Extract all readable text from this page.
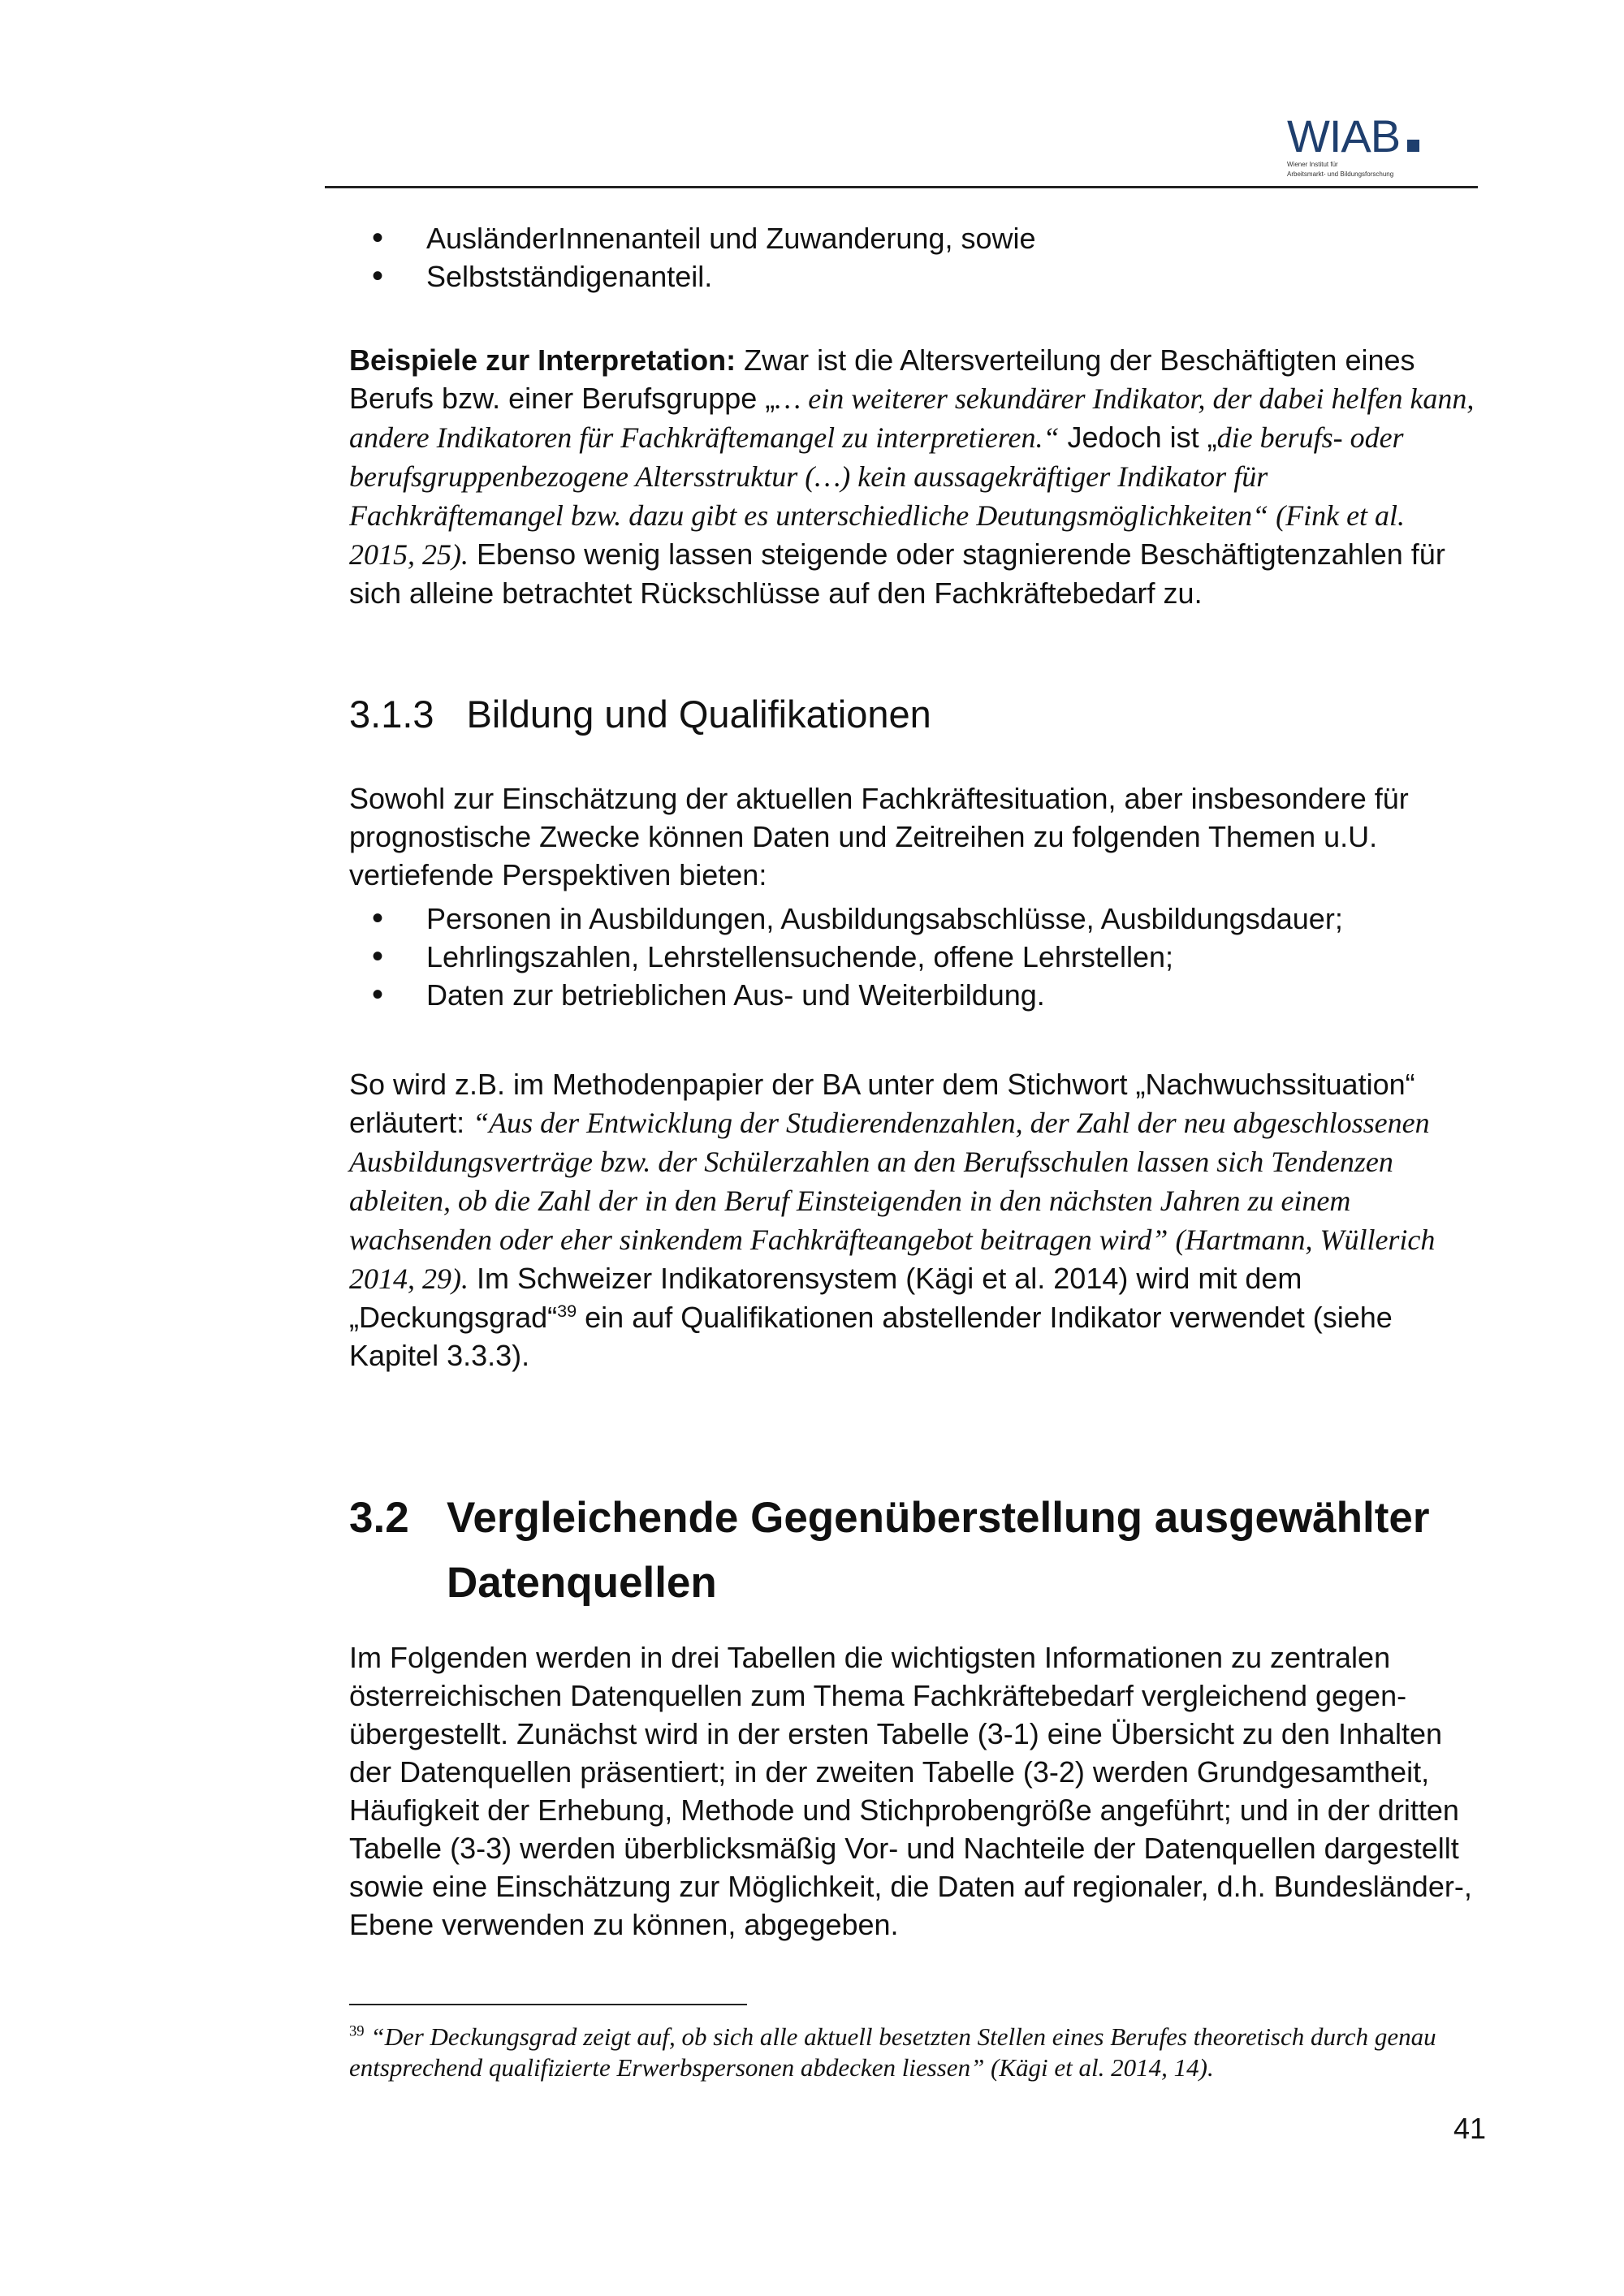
WIAB
Wiener Institut für
Arbeitsmarkt- und Bildungsforschung
• AusländerInnenanteil und Zuwanderung, sowie
• Selbstständigenanteil.

Beispiele zur Interpretation: Zwar ist die Altersverteilung der Beschäftigten eines Berufs bzw. einer Berufsgruppe „… ein weiterer sekundärer Indikator, der dabei helfen kann, andere Indikatoren für Fachkräftemangel zu interpretieren.“ Jedoch ist „die berufs- oder berufsgruppenbezogene Altersstruktur (…) kein aussagekräftiger Indikator für Fachkräftemangel bzw. dazu gibt es unterschiedliche Deutungsmöglichkeiten“ (Fink et al. 2015, 25). Ebenso wenig lassen steigende oder stagnierende Beschäftigtenzahlen für sich alleine betrachtet Rückschlüsse auf den Fachkräftebedarf zu.

3.1.3 Bildung und Qualifikationen

Sowohl zur Einschätzung der aktuellen Fachkräftesituation, aber insbesondere für prognostische Zwecke können Daten und Zeitreihen zu folgenden Themen u.U. vertiefende Perspektiven bieten:

• Personen in Ausbildungen, Ausbildungsabschlüsse, Ausbildungsdauer;
• Lehrlingszahlen, Lehrstellensuchende, offene Lehrstellen;
• Daten zur betrieblichen Aus- und Weiterbildung.

So wird z.B. im Methodenpapier der BA unter dem Stichwort „Nachwuchssituation“ erläutert: “Aus der Entwicklung der Studierendenzahlen, der Zahl der neu abgeschlossenen Ausbildungsverträge bzw. der Schülerzahlen an den Berufsschulen lassen sich Tendenzen ableiten, ob die Zahl der in den Beruf Einsteigenden in den nächsten Jahren zu einem wachsenden oder eher sinkendem Fachkräfteangebot beitragen wird” (Hartmann, Wüllerich 2014, 29). Im Schweizer Indikatorensystem (Kägi et al. 2014) wird mit dem „Deckungsgrad“$^{39}$ ein auf Qualifikationen abstellender Indikator verwendet (siehe Kapitel 3.3.3).

3.2 Vergleichende Gegenüberstellung ausgewählter Datenquellen

Im Folgenden werden in drei Tabellen die wichtigsten Informationen zu zentralen österreichischen Datenquellen zum Thema Fachkräftebedarf vergleichend gegenübergestellt. Zunächst wird in der ersten Tabelle (3-1) eine Übersicht zu den Inhalten der Datenquellen präsentiert; in der zweiten Tabelle (3-2) werden Grundgesamtheit, Häufigkeit der Erhebung, Methode und Stichprobengröße angeführt; und in der dritten Tabelle (3-3) werden überblicksmäßig Vor- und Nachteile der Datenquellen dargestellt sowie eine Einschätzung zur Möglichkeit, die Daten auf regionaler, d.h. Bundesländer-, Ebene verwenden zu können, abgegeben.

$^{39}$ “Der Deckungsgrad zeigt auf, ob sich alle aktuell besetzten Stellen eines Berufes theoretisch durch genau entsprechend qualifizierte Erwerbspersonen abdecken liessen” (Kägi et al. 2014, 14).

41
